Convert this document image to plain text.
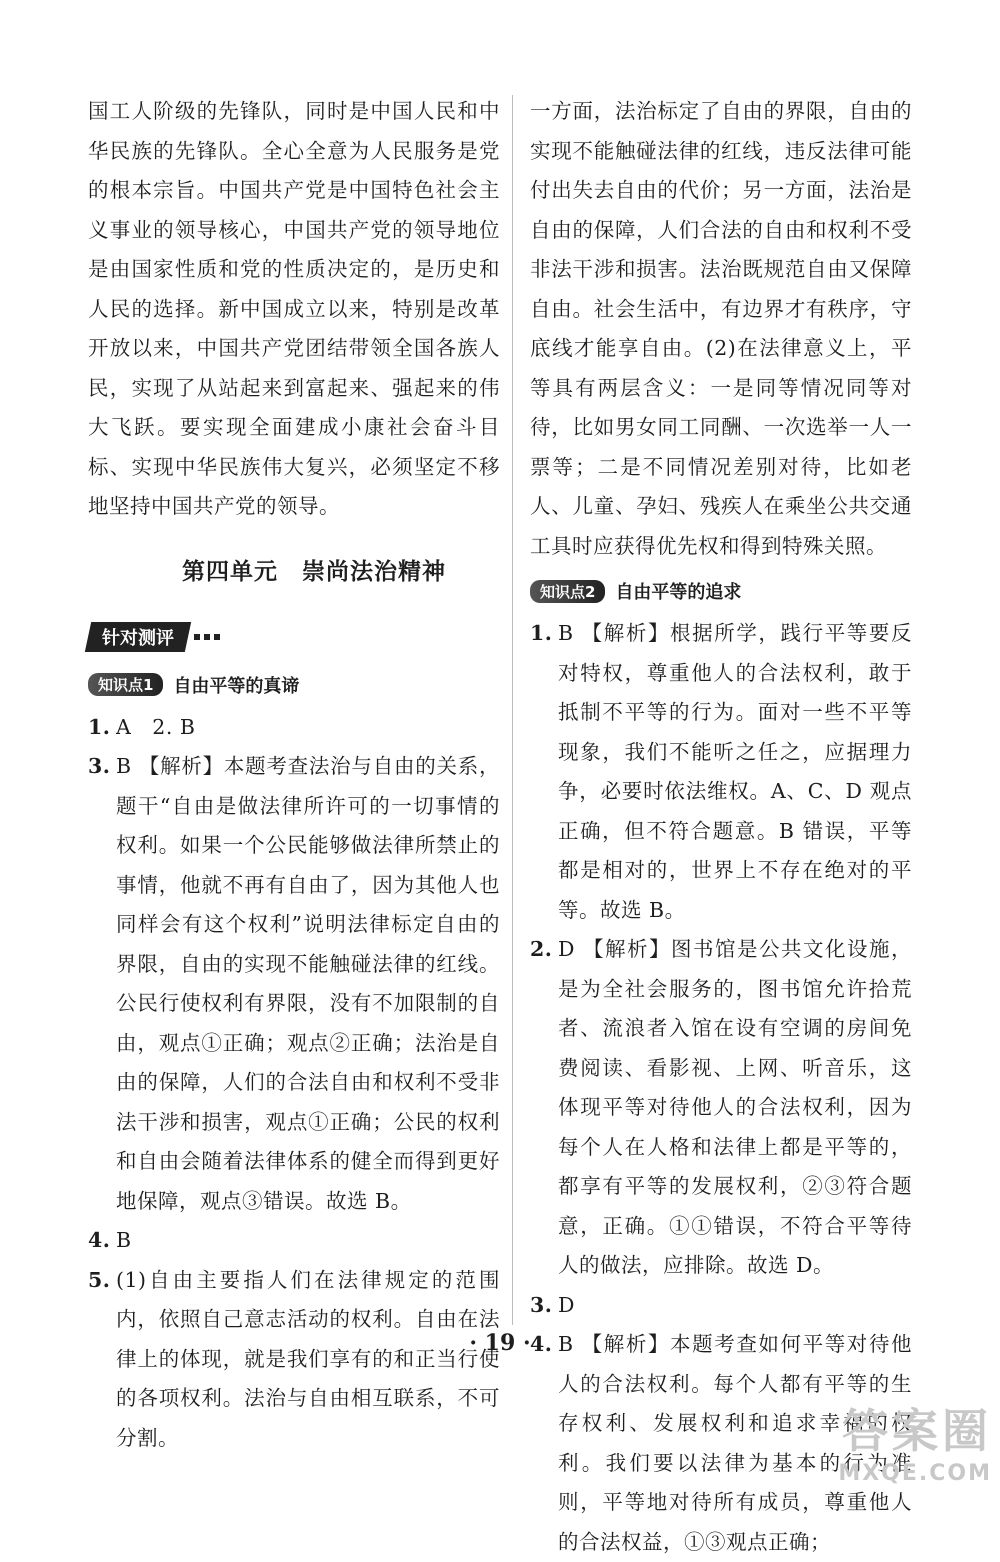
国工人阶级的先锋队，同时是中国人民和中华民族的先锋队。全心全意为人民服务是党的根本宗旨。中国共产党是中国特色社会主义事业的领导核心，中国共产党的领导地位是由国家性质和党的性质决定的，是历史和人民的选择。新中国成立以来，特别是改革开放以来，中国共产党团结带领全国各族人民，实现了从站起来到富起来、强起来的伟大飞跃。要实现全面建成小康社会奋斗目标、实现中华民族伟大复兴，必须坚定不移地坚持中国共产党的领导。
第四单元　崇尚法治精神
针对测评
知识点1	自由平等的真谛
1. A　2. B
3. B 【解析】本题考查法治与自由的关系，题干“自由是做法律所许可的一切事情的权利。如果一个公民能够做法律所禁止的事情，他就不再有自由了，因为其他人也同样会有这个权利”说明法律标定自由的界限，自由的实现不能触碰法律的红线。公民行使权利有界限，没有不加限制的自由，观点①正确；观点②正确；法治是自由的保障，人们的合法自由和权利不受非法干涉和损害，观点①正确；公民的权利和自由会随着法律体系的健全而得到更好地保障，观点③错误。故选 B。
4. B
5. (1)自由主要指人们在法律规定的范围内，依照自己意志活动的权利。自由在法律上的体现，就是我们享有的和正当行使的各项权利。法治与自由相互联系，不可分割。
一方面，法治标定了自由的界限，自由的实现不能触碰法律的红线，违反法律可能付出失去自由的代价；另一方面，法治是自由的保障，人们合法的自由和权利不受非法干涉和损害。法治既规范自由又保障自由。社会生活中，有边界才有秩序，守底线才能享自由。(2)在法律意义上，平等具有两层含义：一是同等情况同等对待，比如男女同工同酬、一次选举一人一票等；二是不同情况差别对待，比如老人、儿童、孕妇、残疾人在乘坐公共交通工具时应获得优先权和得到特殊关照。
知识点2	自由平等的追求
1. B 【解析】根据所学，践行平等要反对特权，尊重他人的合法权利，敢于抵制不平等的行为。面对一些不平等现象，我们不能听之任之，应据理力争，必要时依法维权。A、C、D 观点正确，但不符合题意。B 错误，平等都是相对的，世界上不存在绝对的平等。故选 B。
2. D 【解析】图书馆是公共文化设施，是为全社会服务的，图书馆允许拾荒者、流浪者入馆在设有空调的房间免费阅读、看影视、上网、听音乐，这体现平等对待他人的合法权利，因为每个人在人格和法律上都是平等的，都享有平等的发展权利，②③符合题意，正确。①①错误，不符合平等待人的做法，应排除。故选 D。
3. D
4. B 【解析】本题考查如何平等对待他人的合法权利。每个人都有平等的生存权利、发展权利和追求幸福的权利。我们要以法律为基本的行为准则，平等地对待所有成员，尊重他人的合法权益，①③观点正确；
· 19 ·
答案圈
MXQE.COM
